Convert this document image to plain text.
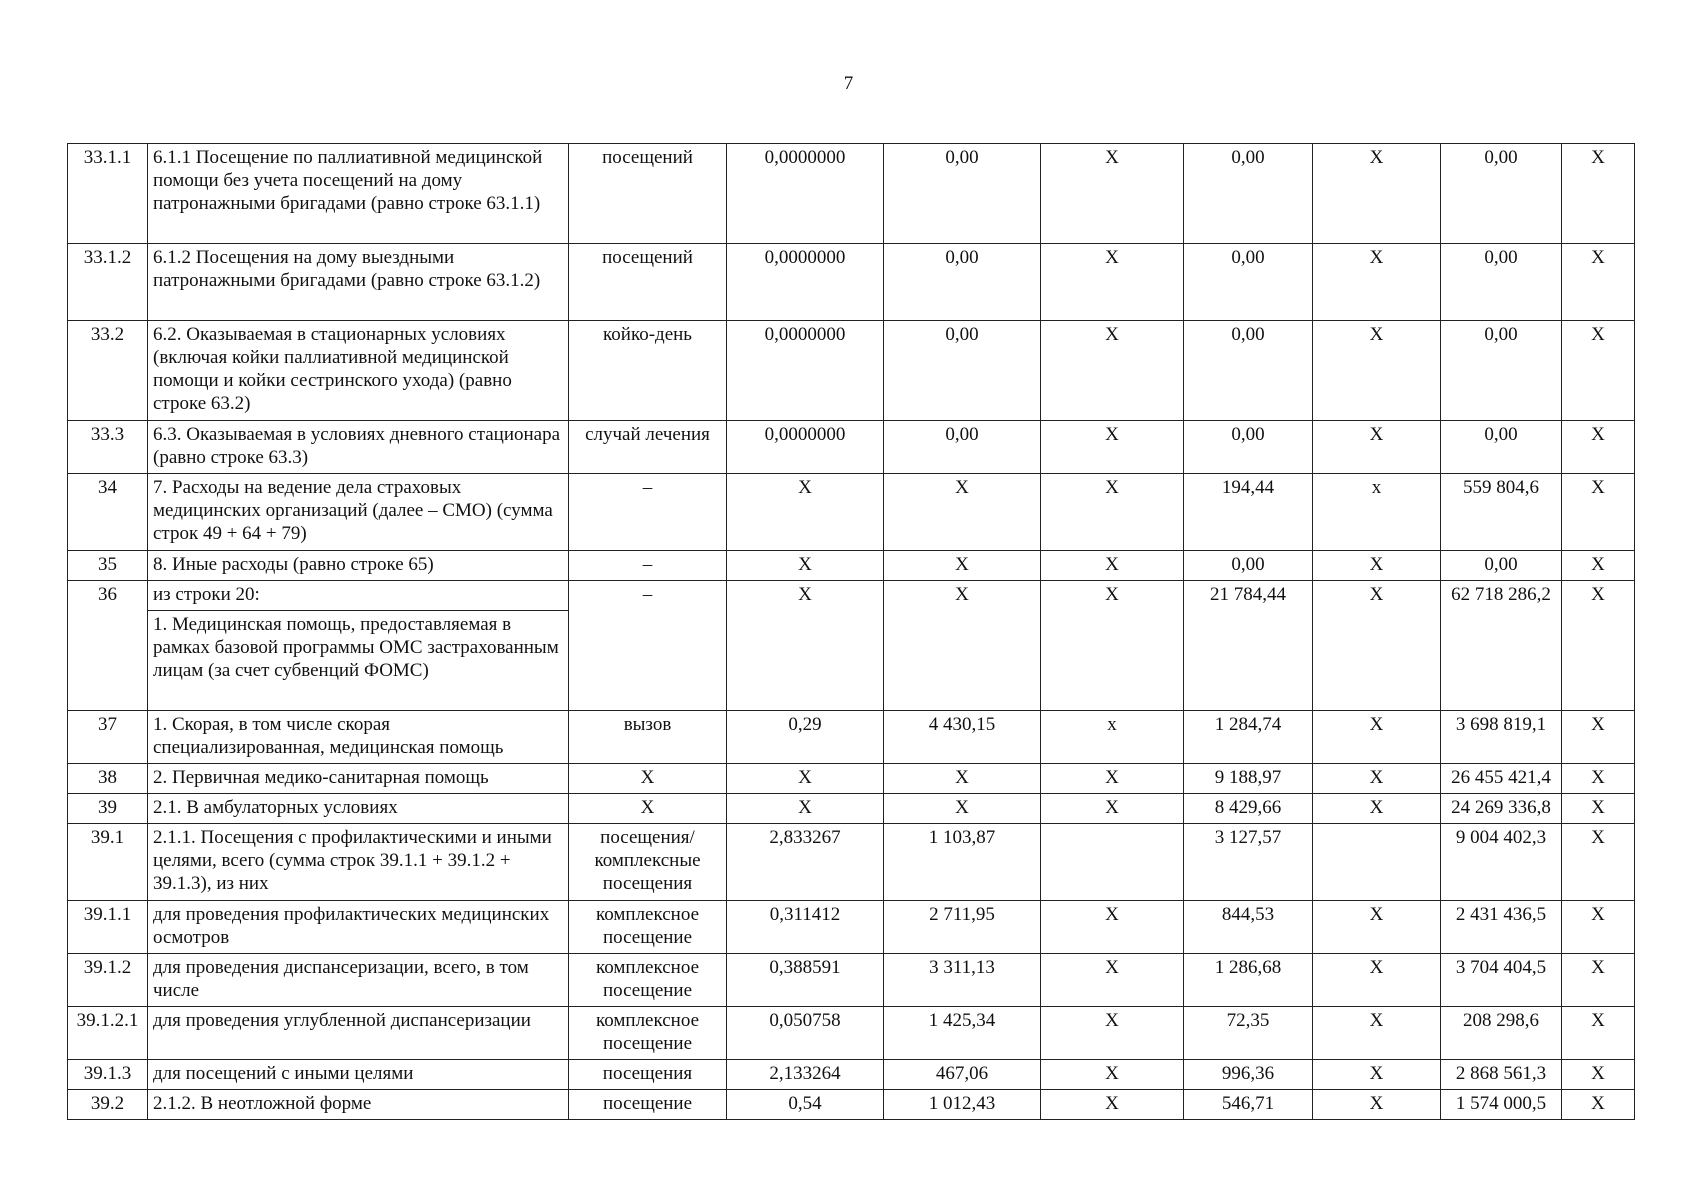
7
33.1.1	6.1.1 Посещение по паллиативной медицинской помощи без учета посещений на дому патронажными бригадами (равно строке 63.1.1)	посещений	0,0000000	0,00	X	0,00	X	0,00	X
33.1.2	6.1.2 Посещения на дому выездными патронажными бригадами (равно строке 63.1.2)	посещений	0,0000000	0,00	X	0,00	X	0,00	X
33.2	6.2. Оказываемая в стационарных условиях (включая койки паллиативной медицинской помощи и койки сестринского ухода) (равно строке 63.2)	койко-день	0,0000000	0,00	X	0,00	X	0,00	X
33.3	6.3. Оказываемая в условиях дневного стационара (равно строке 63.3)	случай лечения	0,0000000	0,00	X	0,00	X	0,00	X
34	7. Расходы на ведение дела страховых медицинских организаций (далее – СМО) (сумма строк 49 + 64 + 79)	–	X	X	X	194,44	х	559 804,6	X
35	8. Иные расходы (равно строке 65)	–	X	X	X	0,00	X	0,00	X
36	из строки 20:	–	X	X	X	21 784,44	X	62 718 286,2	X
	1. Медицинская помощь, предоставляемая в рамках базовой программы ОМС застрахованным лицам (за счет субвенций ФОМС)								
37	1. Скорая, в том числе скорая специализированная, медицинская помощь	вызов	0,29	4 430,15	х	1 284,74	X	3 698 819,1	X
38	2. Первичная медико-санитарная помощь	X	X	X	X	9 188,97	X	26 455 421,4	X
39	2.1. В амбулаторных условиях	X	X	X	X	8 429,66	X	24 269 336,8	X
39.1	2.1.1. Посещения с профилактическими и иными целями, всего (сумма строк 39.1.1 + 39.1.2 + 39.1.3), из них	посещения/ комплексные посещения	2,833267	1 103,87		3 127,57		9 004 402,3	X
39.1.1	для проведения профилактических медицинских осмотров	комплексное посещение	0,311412	2 711,95	X	844,53	X	2 431 436,5	X
39.1.2	для проведения диспансеризации, всего, в том числе	комплексное посещение	0,388591	3 311,13	X	1 286,68	X	3 704 404,5	X
39.1.2.1	для проведения углубленной диспансеризации	комплексное посещение	0,050758	1 425,34	X	72,35	X	208 298,6	X
39.1.3	для посещений с иными целями	посещения	2,133264	467,06	X	996,36	X	2 868 561,3	X
39.2	2.1.2. В неотложной форме	посещение	0,54	1 012,43	X	546,71	X	1 574 000,5	X
